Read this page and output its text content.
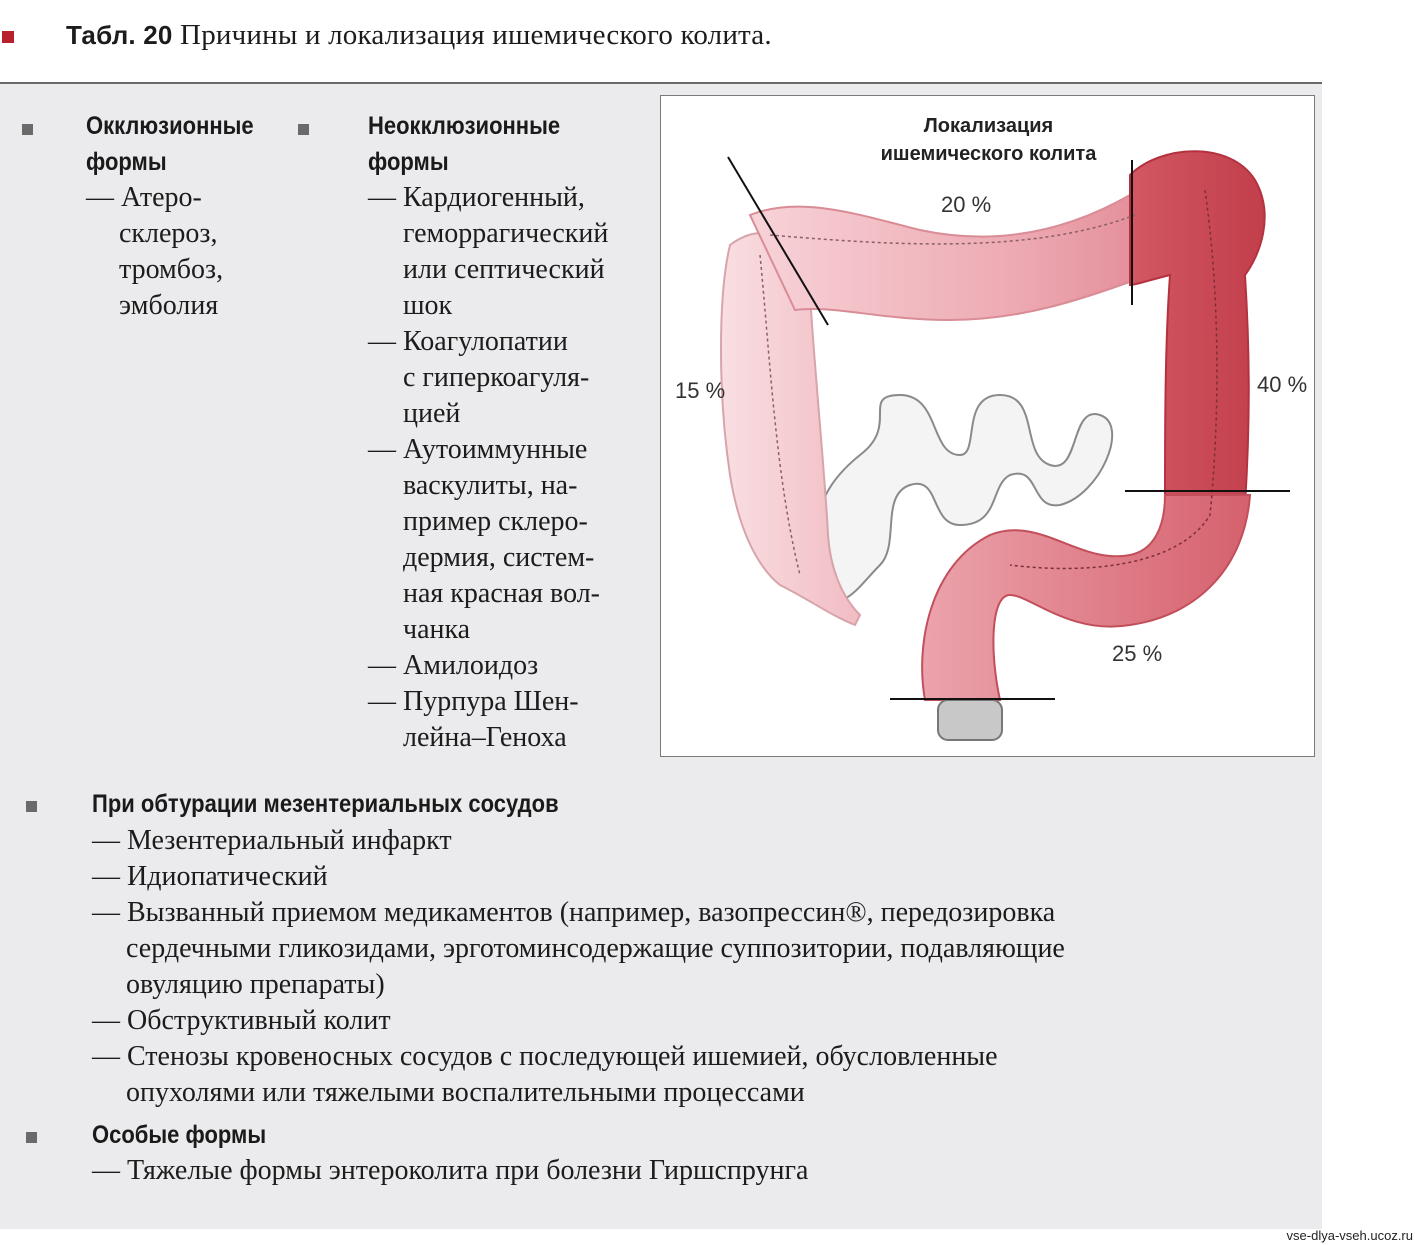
Табл. 20 Причины и локализация ишемического колита.
Окклюзионные
формы
— Атеро-
склероз,
тромбоз,
эмболия
Неокклюзионные
формы
— Кардиогенный,
геморрагический
или септический
шок
— Коагулопатии
с гиперкоагуля-
цией
— Аутоиммунные
васкулиты, на-
пример склеро-
дермия, систем-
ная красная вол-
чанка
— Амилоидоз
— Пурпура Шен-
лейна–Геноха
Локализация
ишемического колита
20 %
15 %	40 %
25 %
При обтурации мезентериальных сосудов
— Мезентериальный инфаркт
— Идиопатический
— Вызванный приемом медикаментов (например, вазопрессин®, передозировка
сердечными гликозидами, эрготоминсодержащие суппозитории, подавляющие
овуляцию препараты)
— Обструктивный колит
— Стенозы кровеносных сосудов с последующей ишемией, обусловленные
опухолями или тяжелыми воспалительными процессами
Особые формы
— Тяжелые формы энтероколита при болезни Гиршспрунга
vse-dlya-vseh.ucoz.ru
